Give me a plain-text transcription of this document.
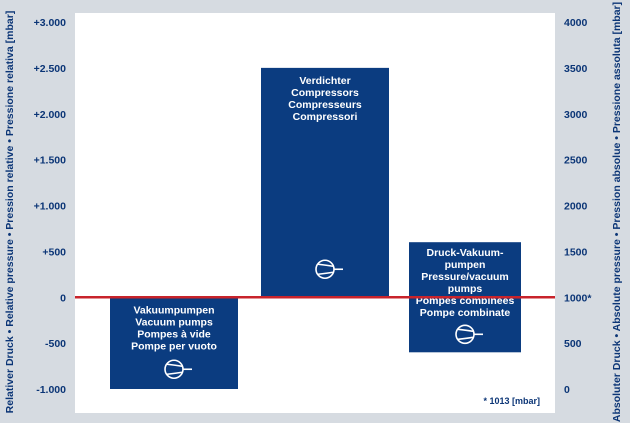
+3.000
+2.500
+2.000
+1.500
+1.000
+500
0
-500
-1.000
4000
3500
3000
2500
2000
1500
1000*
500
0
Vakuumpumpen
Vacuum pumps
Pompes à vide
Pompe per vuoto
Verdichter
Compressors
Compresseurs
Compressori
Druck-Vakuum-
pumpen
Pressure/vacuum
pumps
Pompes combinées
Pompe combinate
Relativer Druck • Relative pressure • Pression relative • Pressione relativa [mbar]	Absoluter Druck • Absolute pressure • Pression absolue • Pressione assoluta [mbar]
* 1013 [mbar]
